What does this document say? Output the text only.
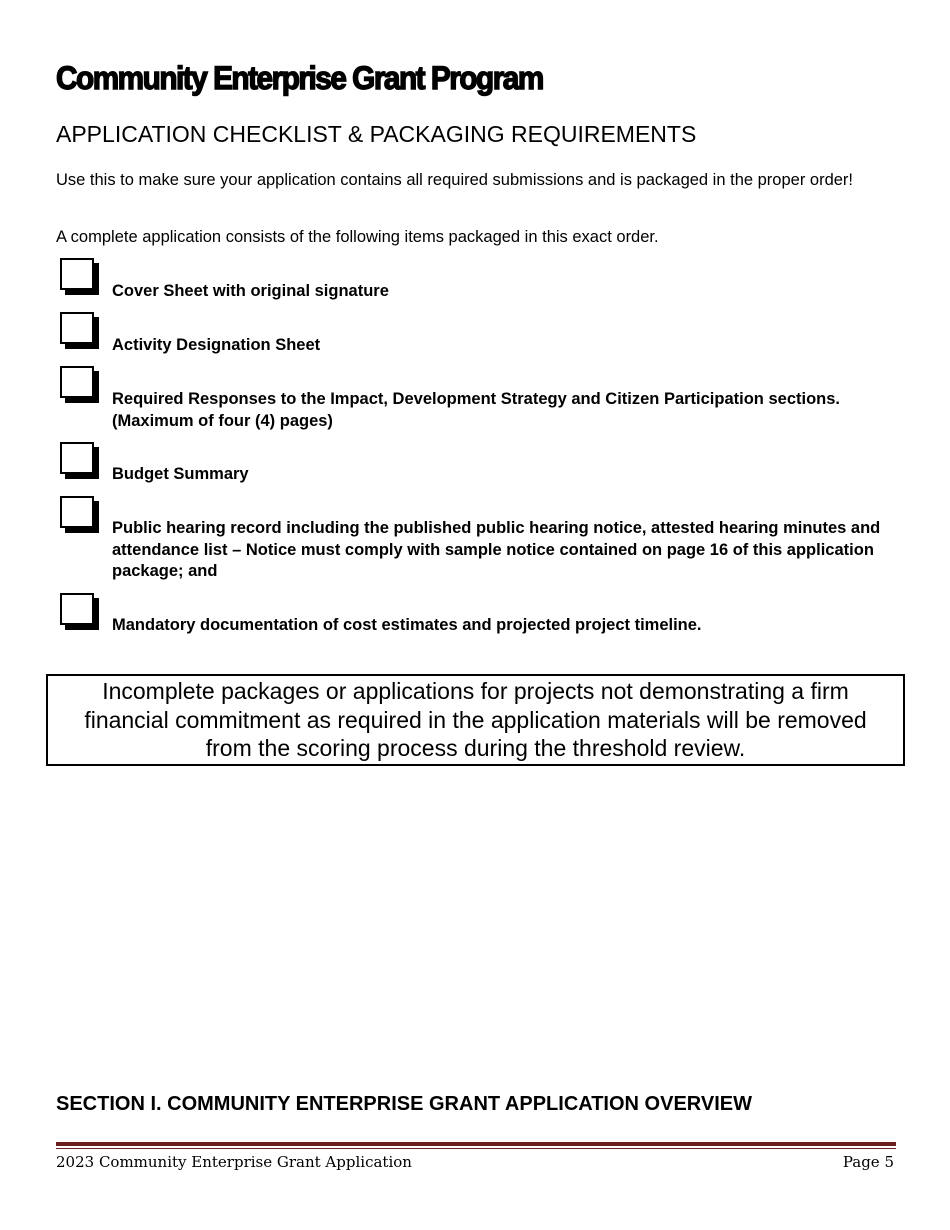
Community Enterprise Grant Program
APPLICATION CHECKLIST & PACKAGING REQUIREMENTS

Use this to make sure your application contains all required submissions and is packaged in the proper order!

A complete application consists of the following items packaged in this exact order.

Cover Sheet with original signature

Activity Designation Sheet

Required Responses to the Impact, Development Strategy and Citizen Participation sections. (Maximum of four (4) pages)

Budget Summary

Public hearing record including the published public hearing notice, attested hearing minutes and attendance list – Notice must comply with sample notice contained on page 16 of this application package; and

Mandatory documentation of cost estimates and projected project timeline.

Incomplete packages or applications for projects not demonstrating a firm financial commitment as required in the application materials will be removed from the scoring process during the threshold review.

SECTION I. COMMUNITY ENTERPRISE GRANT APPLICATION OVERVIEW

2023 Community Enterprise Grant Application	Page 5
